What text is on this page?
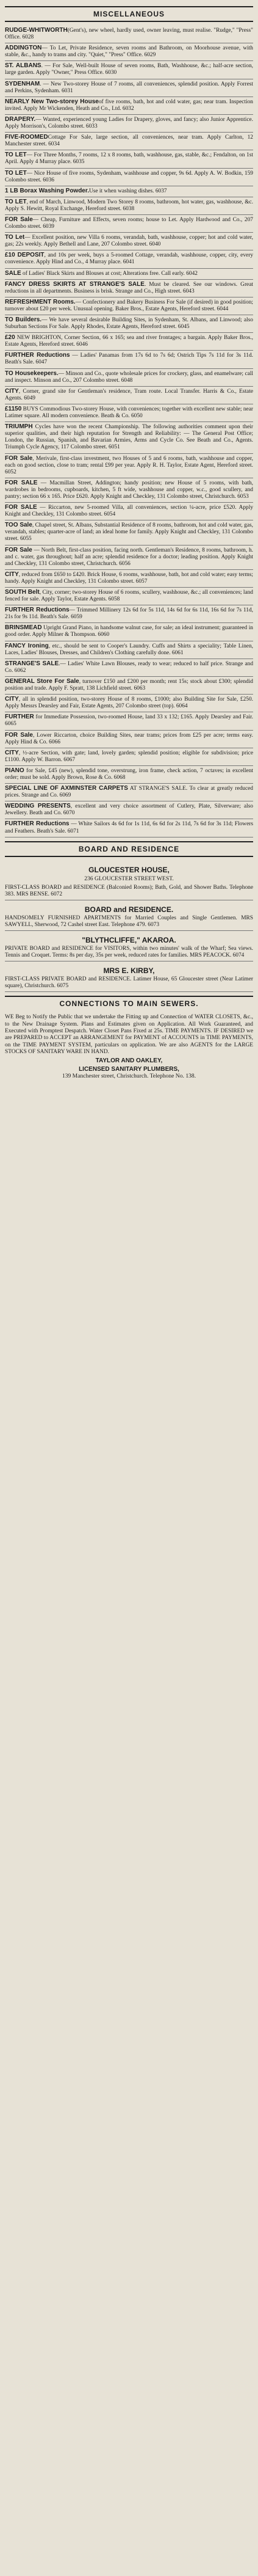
MISCELLANEOUS

RUDGE-WHITWORTH(Gent's), new wheel, hardly used, owner leaving, must realise. "Rudge," "Press" Office. 6028

ADDINGTON— To Let, Private Residence, seven rooms and Bathroom, on Moorhouse avenue, with stable, &c., handy to trams and city. "Quiet," "Press" Office. 6029

ST. ALBANS. — For Sale, Well-built House of seven rooms, Bath, Washhouse, &c.; half-acre section, large garden. Apply "Owner," Press Office. 6030

SYDENHAM. — New Two-storey House of 7 rooms, all conveniences, splendid position. Apply Forrest and Perkins, Sydenham. 6031

NEARLY New Two-storey Houseof five rooms, bath, hot and cold water, gas; near tram. Inspection invited. Apply Mr Wickenden, Heath and Co., Ltd. 6032

DRAPERY.— Wanted, experienced young Ladies for Drapery, gloves, and fancy; also Junior Apprentice. Apply Morrison's, Colombo street. 6033

FIVE-ROOMEDCottage For Sale, large section, all conveniences, near tram. Apply Carlton, 12 Manchester street. 6034

TO LET— For Three Months, 7 rooms, 12 x 8 rooms, bath, washhouse, gas, stable, &c.; Fendalton, on 1st April. Apply 4 Murray place. 6035

TO LET— Nice House of five rooms, Sydenham, washhouse and copper, 9s 6d. Apply A. W. Bodkin, 159 Colombo street. 6036

1 LB Borax Washing Powder.Use it when washing dishes. 6037

TO LET, end of March, Linwood, Modern Two Storey 8 rooms, bathroom, hot water, gas, washhouse, &c. Apply S. Hewitt, Royal Exchange, Hereford street. 6038

FOR Sale— Cheap, Furniture and Effects, seven rooms; house to Let. Apply Hardwood and Co., 207 Colombo street. 6039

TO Let— Excellent position, new Villa 6 rooms, verandah, bath, washhouse, copper; hot and cold water, gas; 22s weekly. Apply Bethell and Lane, 207 Colombo street. 6040

£10 DEPOSIT, and 10s per week, buys a 5-roomed Cottage, verandah, washhouse, copper, city, every convenience. Apply Hind and Co., 4 Murray place. 6041

SALE of Ladies' Black Skirts and Blouses at cost; Alterations free. Call early. 6042

FANCY DRESS SKIRTS AT STRANGE'S SALE. Must be cleared. See our windows. Great reductions in all departments. Business is brisk. Strange and Co., High street. 6043

REFRESHMENT Rooms.— Confectionery and Bakery Business For Sale (if desired) in good position; turnover about £20 per week. Unusual opening. Baker Bros., Estate Agents, Hereford street. 6044

TO Builders.— We have several desirable Building Sites, in Sydenham, St. Albans, and Linwood; also Suburban Sections For Sale. Apply Rhodes, Estate Agents, Hereford street. 6045

£20 NEW BRIGHTON, Corner Section, 66 x 165; sea and river frontages; a bargain. Apply Baker Bros., Estate Agents, Hereford street. 6046

FURTHER Reductions — Ladies' Panamas from 17s 6d to 7s 6d; Ostrich Tips 7s 11d for 3s 11d. Beath's Sale. 6047

TO Housekeepers.— Minson and Co., quote wholesale prices for crockery, glass, and enamelware; call and inspect. Minson and Co., 207 Colombo street. 6048

CITY, Corner, grand site for Gentleman's residence, Tram route. Local Transfer. Harris & Co., Estate Agents. 6049

£1150 BUYS Commodious Two-storey House, with conveniences; together with excellent new stable; near Latimer square. All modern convenience. Beath & Co. 6050

TRIUMPH Cycles have won the recent Championship. The following authorities comment upon their superior qualities, and their high reputation for Strength and Reliability: — The General Post Office; London, the Russian, Spanish, and Bavarian Armies, Arms and Cycle Co. See Beath and Co., Agents. Triumph Cycle Agency, 117 Colombo street. 6051

FOR Sale, Merivale, first-class investment, two Houses of 5 and 6 rooms, bath, washhouse and copper, each on good section, close to tram; rental £99 per year. Apply R. H. Taylor, Estate Agent, Hereford street. 6052

FOR SALE — Macmillan Street, Addington; handy position; new House of 5 rooms, with bath, wardrobes in bedrooms, cupboards, kitchen, 5 ft wide, washhouse and copper, w.c., good scullery, and pantry; section 66 x 165. Price £620. Apply Knight and Checkley, 131 Colombo street, Christchurch. 6053

FOR SALE — Riccarton, new 5-roomed Villa, all conveniences, section ¼-acre, price £520. Apply Knight and Checkley, 131 Colombo street. 6054

TOO Sale, Chapel street, St. Albans, Substantial Residence of 8 rooms, bathroom, hot and cold water, gas, verandah, stables; quarter-acre of land; an ideal home for family. Apply Knight and Checkley, 131 Colombo street. 6055

FOR Sale — North Belt, first-class position, facing north. Gentleman's Residence, 8 rooms, bathroom, h. and c. water, gas throughout; half an acre; splendid residence for a doctor; leading position. Apply Knight and Checkley, 131 Colombo street, Christchurch. 6056

CITY, reduced from £650 to £420. Brick House, 6 rooms, washhouse, bath, hot and cold water; easy terms; handy. Apply Knight and Checkley, 131 Colombo street. 6057

SOUTH Belt, City, corner; two-storey House of 6 rooms, scullery, washhouse, &c.; all conveniences; land fenced for sale. Apply Taylor, Estate Agents. 6058

FURTHER Reductions— Trimmed Millinery 12s 6d for 5s 11d, 14s 6d for 6s 11d, 16s 6d for 7s 11d, 21s for 9s 11d. Beath's Sale. 6059

BRINSMEAD Upright Grand Piano, in handsome walnut case, for sale; an ideal instrument; guaranteed in good order. Apply Milner & Thompson. 6060

FANCY Ironing, etc., should be sent to Cooper's Laundry. Cuffs and Shirts a speciality; Table Linen, Laces, Ladies' Blouses, Dresses, and Children's Clothing carefully done. 6061

STRANGE'S SALE.— Ladies' White Lawn Blouses, ready to wear; reduced to half price. Strange and Co. 6062

GENERAL Store For Sale, turnover £150 and £200 per month; rent 15s; stock about £300; splendid position and trade. Apply F. Spratt, 138 Lichfield street. 6063

CITY, all in splendid position, two-storey House of 8 rooms, £1000; also Building Site for Sale, £250. Apply Messrs Dearsley and Fair, Estate Agents, 207 Colombo street (top). 6064

FURTHER for Immediate Possession, two-roomed House, land 33 x 132; £165. Apply Dearsley and Fair. 6065

FOR Sale, Lower Riccarton, choice Building Sites, near trams; prices from £25 per acre; terms easy. Apply Hind & Co. 6066

CITY, ½-acre Section, with gate; land, lovely garden; splendid position; eligible for subdivision; price £1100. Apply W. Barron. 6067

PIANO for Sale, £45 (new), splendid tone, overstrung, iron frame, check action, 7 octaves; in excellent order; must be sold. Apply Brown, Rose & Co. 6068

SPECIAL LINE OF AXMINSTER CARPETS AT STRANGE'S SALE. To clear at greatly reduced prices. Strange and Co. 6069

WEDDING PRESENTS, excellent and very choice assortment of Cutlery, Plate, Silverware; also Jewellery. Beath and Co. 6070

FURTHER Reductions — White Sailors 4s 6d for 1s 11d, 6s 6d for 2s 11d, 7s 6d for 3s 11d; Flowers and Feathers. Beath's Sale. 6071

BOARD AND RESIDENCE
GLOUCESTER HOUSE,
236 GLOUCESTER STREET WEST.

FIRST-CLASS BOARD and RESIDENCE (Balconied Rooms); Bath, Gold, and Shower Baths. Telephone 383. MRS BENSE. 6072

BOARD and RESIDENCE.

HANDSOMELY FURNISHED APARTMENTS for Married Couples and Single Gentlemen. MRS SAWYELL, Sherwood, 72 Cashel street East. Telephone 479. 6073

"BLYTHCLIFFE," AKAROA.

PRIVATE BOARD and RESIDENCE for VISITORS, within two minutes' walk of the Wharf; Sea views. Tennis and Croquet. Terms: 8s per day, 35s per week, reduced rates for families. MRS PEACOCK. 6074

MRS E. KIRBY,

FIRST-CLASS PRIVATE BOARD and RESIDENCE. Latimer House, 65 Gloucester street (Near Latimer square), Christchurch. 6075

CONNECTIONS TO MAIN SEWERS.
WE Beg to Notify the Public that we undertake the Fitting up and Connection of WATER CLOSETS, &c., to the New Drainage System. Plans and Estimates given on Application. All Work Guaranteed, and Executed with Promptest Despatch. Water Closet Pans Fixed at 25s. TIME PAYMENTS. IF DESIRED we are PREPARED to ACCEPT an ARRANGEMENT for PAYMENT of ACCOUNTS in TIME PAYMENTS, on the TIME PAYMENT SYSTEM, particulars on application. We are also AGENTS for the LARGE STOCKS OF SANITARY WARE IN HAND.
TAYLOR AND OAKLEY,
LICENSED SANITARY PLUMBERS,
139 Manchester street, Christchurch. Telephone No. 138.
